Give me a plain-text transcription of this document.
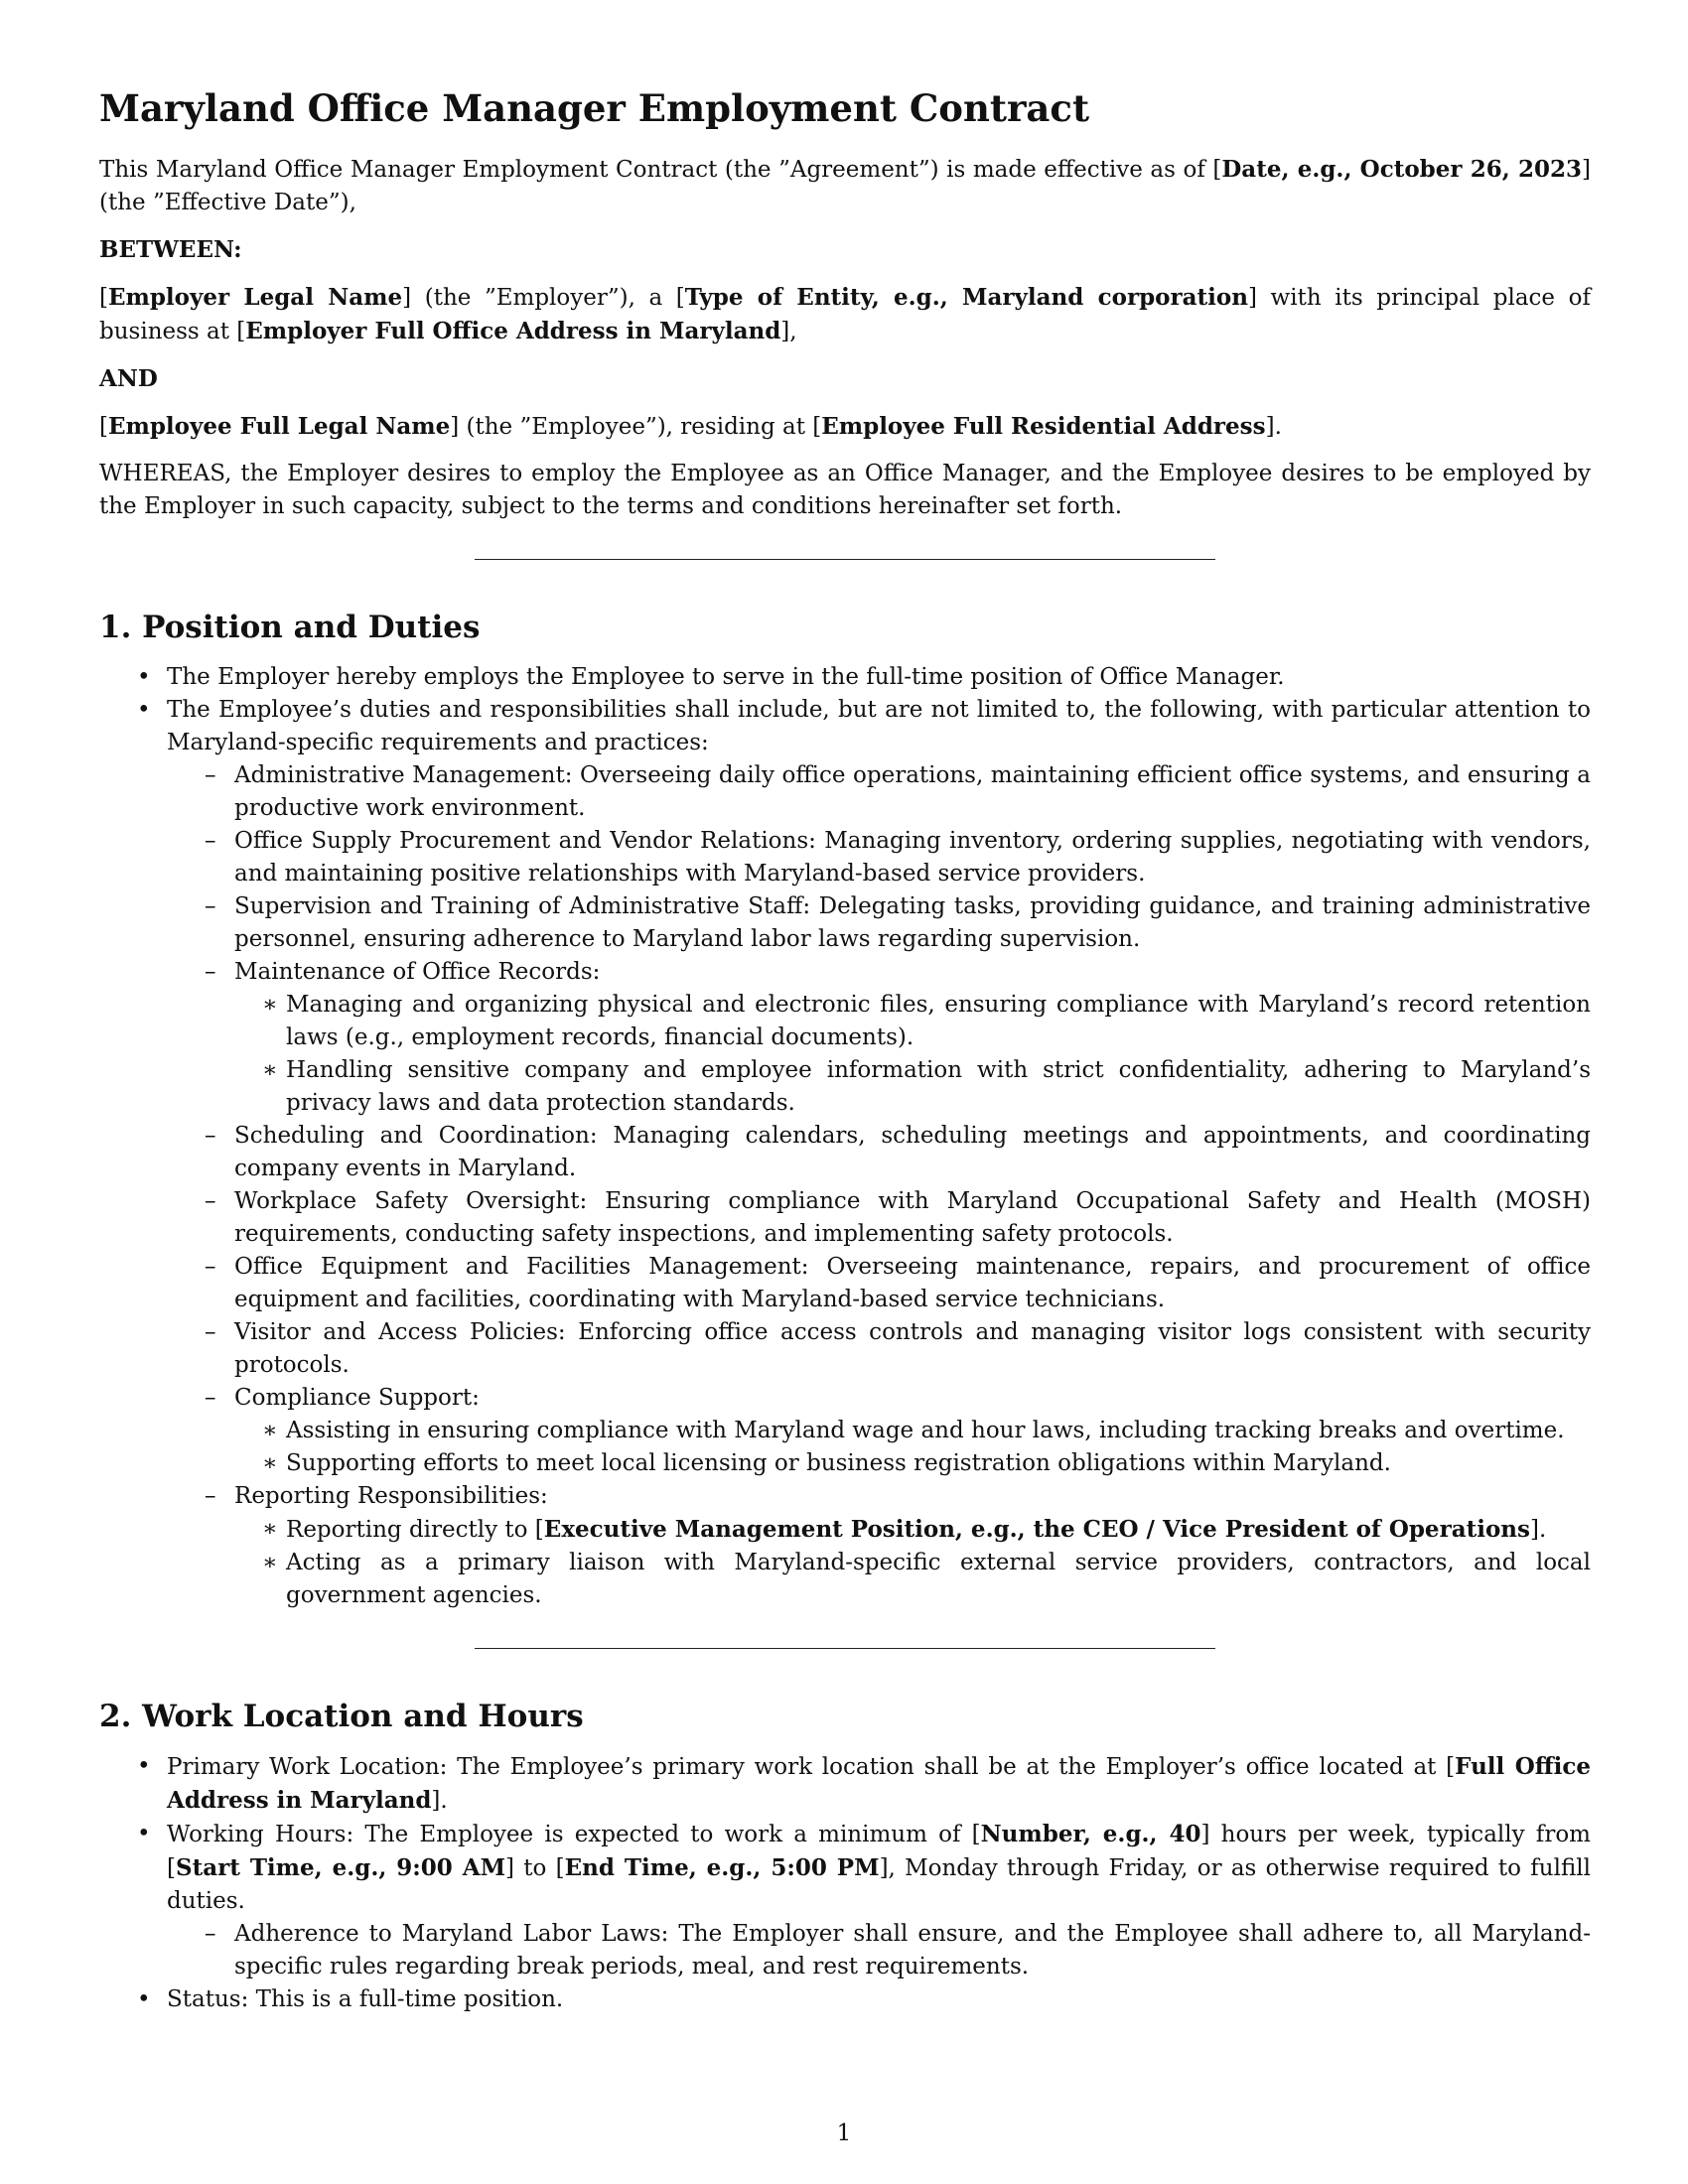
Maryland Office Manager Employment Contract

This Maryland Office Manager Employment Contract (the ”Agreement”) is made effective as of [Date, e.g., October 26, 2023] (the ”Effective Date”),

BETWEEN:

[Employer Legal Name] (the ”Employer”), a [Type of Entity, e.g., Maryland corporation] with its principal place of business at [Employer Full Office Address in Maryland],

AND

[Employee Full Legal Name] (the ”Employee”), residing at [Employee Full Residential Address].

WHEREAS, the Employer desires to employ the Employee as an Office Manager, and the Employee desires to be employed by the Employer in such capacity, subject to the terms and conditions hereinafter set forth.

1. Position and Duties
• The Employer hereby employs the Employee to serve in the full-time position of Office Manager.
• The Employee’s duties and responsibilities shall include, but are not limited to, the following, with particular attention to Maryland-specific requirements and practices:
– Administrative Management: Overseeing daily office operations, maintaining efficient office systems, and ensuring a productive work environment.
– Office Supply Procurement and Vendor Relations: Managing inventory, ordering supplies, negotiating with vendors, and maintaining positive relationships with Maryland-based service providers.
– Supervision and Training of Administrative Staff: Delegating tasks, providing guidance, and training administrative personnel, ensuring adherence to Maryland labor laws regarding supervision.
– Maintenance of Office Records:
∗ Managing and organizing physical and electronic files, ensuring compliance with Maryland’s record retention laws (e.g., employment records, financial documents).
∗ Handling sensitive company and employee information with strict confidentiality, adhering to Maryland’s privacy laws and data protection standards.
– Scheduling and Coordination: Managing calendars, scheduling meetings and appointments, and coordinating company events in Maryland.
– Workplace Safety Oversight: Ensuring compliance with Maryland Occupational Safety and Health (MOSH) requirements, conducting safety inspections, and implementing safety protocols.
– Office Equipment and Facilities Management: Overseeing maintenance, repairs, and procurement of office equipment and facilities, coordinating with Maryland-based service technicians.
– Visitor and Access Policies: Enforcing office access controls and managing visitor logs consistent with security protocols.
– Compliance Support:
∗ Assisting in ensuring compliance with Maryland wage and hour laws, including tracking breaks and overtime.
∗ Supporting efforts to meet local licensing or business registration obligations within Maryland.
– Reporting Responsibilities:
∗ Reporting directly to [Executive Management Position, e.g., the CEO / Vice President of Operations].
∗ Acting as a primary liaison with Maryland-specific external service providers, contractors, and local government agencies.
2. Work Location and Hours
• Primary Work Location: The Employee’s primary work location shall be at the Employer’s office located at [Full Office Address in Maryland].
• Working Hours: The Employee is expected to work a minimum of [Number, e.g., 40] hours per week, typically from [Start Time, e.g., 9:00 AM] to [End Time, e.g., 5:00 PM], Monday through Friday, or as otherwise required to fulfill duties.
– Adherence to Maryland Labor Laws: The Employer shall ensure, and the Employee shall adhere to, all Maryland-specific rules regarding break periods, meal, and rest requirements.
• Status: This is a full-time position.
1
